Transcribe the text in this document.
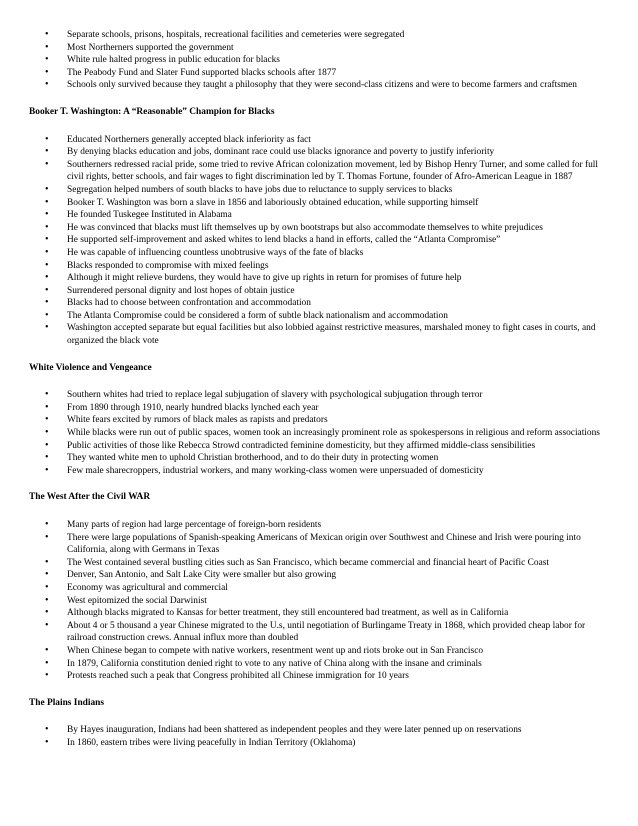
• Separate schools, prisons, hospitals, recreational facilities and cemeteries were segregated
• Most Northerners supported the government
• White rule halted progress in public education for blacks
• The Peabody Fund and Slater Fund supported blacks schools after 1877
• Schools only survived because they taught a philosophy that they were second-class citizens and were to become farmers and craftsmen
Booker T. Washington: A “Reasonable” Champion for Blacks
• Educated Northerners generally accepted black inferiority as fact
• By denying blacks education and jobs, dominant race could use blacks ignorance and poverty to justify inferiority
• Southerners redressed racial pride, some tried to revive African colonization movement, led by Bishop Henry Turner, and some called for full civil rights, better schools, and fair wages to fight discrimination led by T. Thomas Fortune, founder of Afro-American League in 1887
• Segregation helped numbers of south blacks to have jobs due to reluctance to supply services to blacks
• Booker T. Washington was born a slave in 1856 and laboriously obtained education, while supporting himself
• He founded Tuskegee Instituted in Alabama
• He was convinced that blacks must lift themselves up by own bootstraps but also accommodate themselves to white prejudices
• He supported self-improvement and asked whites to lend blacks a hand in efforts, called the “Atlanta Compromise”
• He was capable of influencing countless unobtrusive ways of the fate of blacks
• Blacks responded to compromise with mixed feelings
• Although it might relieve burdens, they would have to give up rights in return for promises of future help
• Surrendered personal dignity and lost hopes of obtain justice
• Blacks had to choose between confrontation and accommodation
• The Atlanta Compromise could be considered a form of subtle black nationalism and accommodation
• Washington accepted separate but equal facilities but also lobbied against restrictive measures, marshaled money to fight cases in courts, and organized the black vote
White Violence and Vengeance
• Southern whites had tried to replace legal subjugation of slavery with psychological subjugation through terror
• From 1890 through 1910, nearly hundred blacks lynched each year
• White fears excited by rumors of black males as rapists and predators
• While blacks were run out of public spaces, women took an increasingly prominent role as spokespersons in religious and reform associations
• Public activities of those like Rebecca Strowd contradicted feminine domesticity, but they affirmed middle-class sensibilities
• They wanted white men to uphold Christian brotherhood, and to do their duty in protecting women
• Few male sharecroppers, industrial workers, and many working-class women were unpersuaded of domesticity
The West After the Civil WAR
• Many parts of region had large percentage of foreign-born residents
• There were large populations of Spanish-speaking Americans of Mexican origin over Southwest and Chinese and Irish were pouring into California, along with Germans in Texas
• The West contained several bustling cities such as San Francisco, which became commercial and financial heart of Pacific Coast
• Denver, San Antonio, and Salt Lake City were smaller but also growing
• Economy was agricultural and commercial
• West epitomized the social Darwinist
• Although blacks migrated to Kansas for better treatment, they still encountered bad treatment, as well as in California
• About 4 or 5 thousand a year Chinese migrated to the U.s, until negotiation of Burlingame Treaty in 1868, which provided cheap labor for railroad construction crews. Annual influx more than doubled
• When Chinese began to compete with native workers, resentment went up and riots broke out in San Francisco
• In 1879, California constitution denied right to vote to any native of China along with the insane and criminals
• Protests reached such a peak that Congress prohibited all Chinese immigration for 10 years
The Plains Indians
• By Hayes inauguration, Indians had been shattered as independent peoples and they were later penned up on reservations
• In 1860, eastern tribes were living peacefully in Indian Territory (Oklahoma)
